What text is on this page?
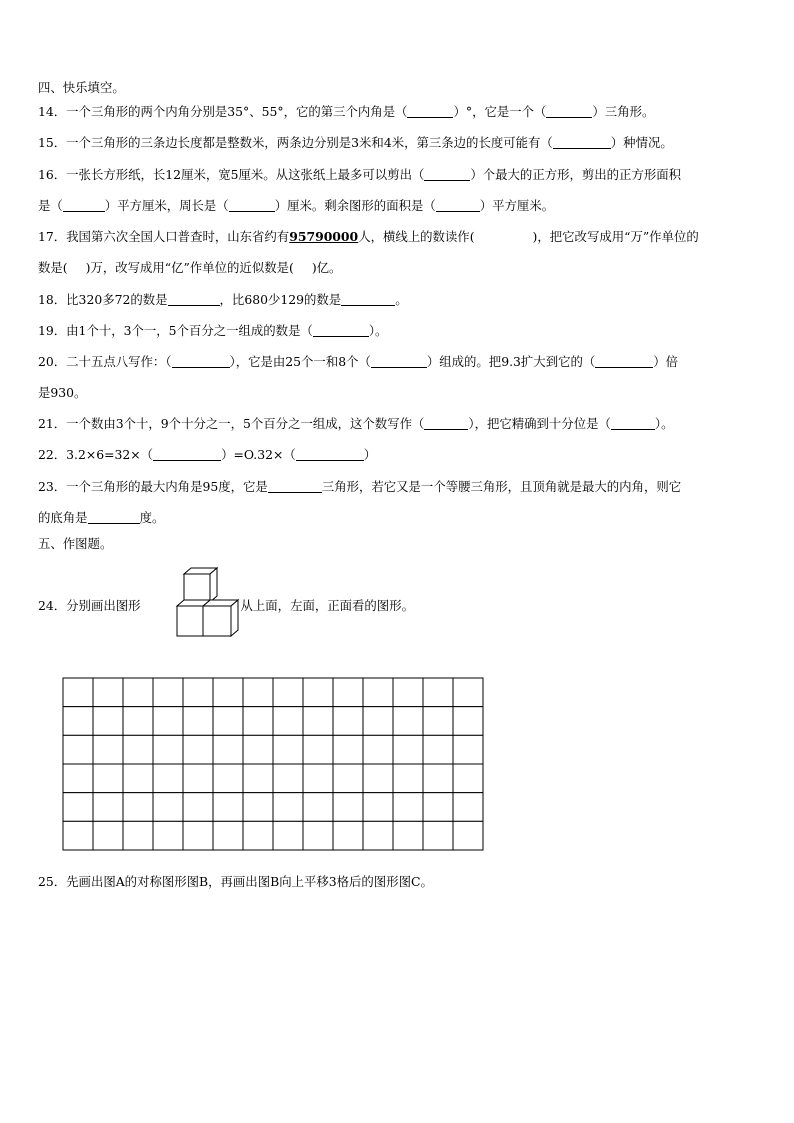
四、快乐填空。
14．一个三角形的两个内角分别是35°、55°，它的第三个内角是（	）°，它是一个（	）三角形。
15．一个三角形的三条边长度都是整数米，两条边分别是3米和4米，第三条边的长度可能有（	）种情况。
16．一张长方形纸，长12厘米，宽5厘米。从这张纸上最多可以剪出（	）个最大的正方形，剪出的正方形面积
是（	）平方厘米，周长是（	）厘米。剩余图形的面积是（	）平方厘米。
17．我国第六次全国人口普查时，山东省约有95790000人，横线上的数读作(	)，把它改写成用“万”作单位的
数是( )万，改写成用“亿”作单位的近似数是( )亿。
18．比320多72的数是	，比680少129的数是	。
19．由1个十，3个一，5个百分之一组成的数是（	）。
20．二十五点八写作：（	），它是由25个一和8个（	）组成的。把9.3扩大到它的（	）倍
是930。
21．一个数由3个十，9个十分之一，5个百分之一组成，这个数写作（	），把它精确到十分位是（	）。
22．3.2×6=32×（	）=O.32×（	）
23．一个三角形的最大内角是95度，它是	三角形，若它又是一个等腰三角形，且顶角就是最大的内角，则它
的底角是	度。
五、作图题。
24．分别画出图形	从上面，左面，正面看的图形。
25．先画出图A的对称图形图B，再画出图B向上平移3格后的图形图C。
